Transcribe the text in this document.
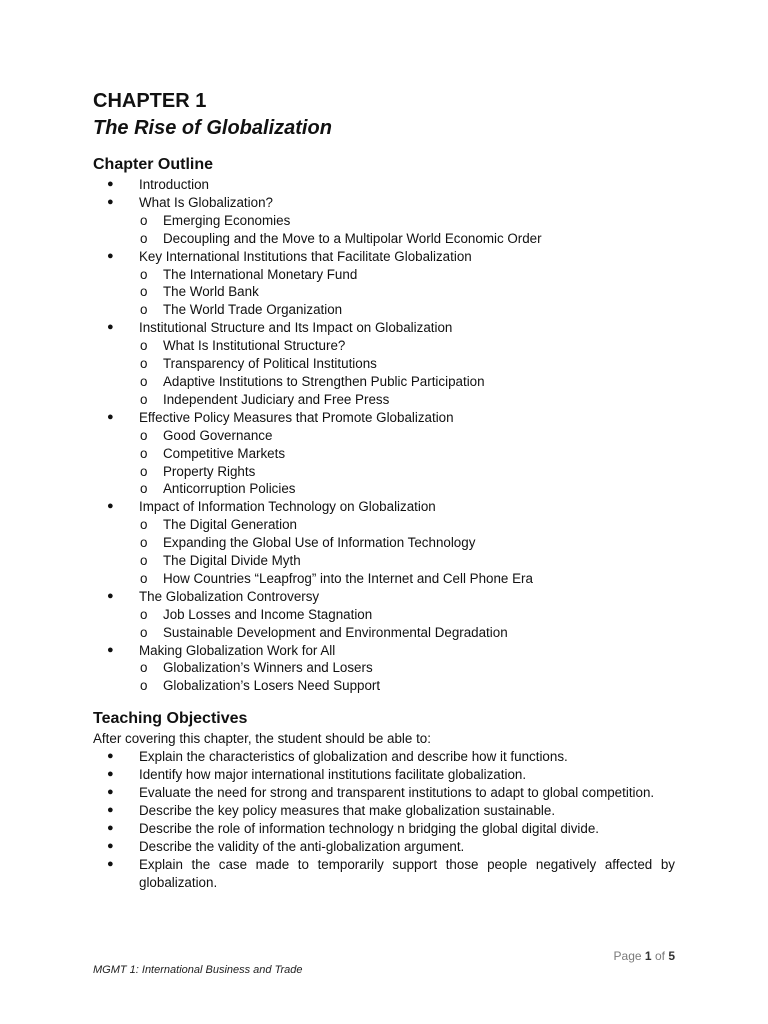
CHAPTER 1
The Rise of Globalization
Chapter Outline
● Introduction
● What Is Globalization?
o Emerging Economies
o Decoupling and the Move to a Multipolar World Economic Order
● Key International Institutions that Facilitate Globalization
o The International Monetary Fund
o The World Bank
o The World Trade Organization
● Institutional Structure and Its Impact on Globalization
o What Is Institutional Structure?
o Transparency of Political Institutions
o Adaptive Institutions to Strengthen Public Participation
o Independent Judiciary and Free Press
● Effective Policy Measures that Promote Globalization
o Good Governance
o Competitive Markets
o Property Rights
o Anticorruption Policies
● Impact of Information Technology on Globalization
o The Digital Generation
o Expanding the Global Use of Information Technology
o The Digital Divide Myth
o How Countries “Leapfrog” into the Internet and Cell Phone Era
● The Globalization Controversy
o Job Losses and Income Stagnation
o Sustainable Development and Environmental Degradation
● Making Globalization Work for All
o Globalization’s Winners and Losers
o Globalization’s Losers Need Support
Teaching Objectives

After covering this chapter, the student should be able to:

● Explain the characteristics of globalization and describe how it functions.
● Identify how major international institutions facilitate globalization.
● Evaluate the need for strong and transparent institutions to adapt to global competition.
● Describe the key policy measures that make globalization sustainable.
● Describe the role of information technology n bridging the global digital divide.
● Describe the validity of the anti-globalization argument.
● Explain the case made to temporarily support those people negatively affected by globalization.
Page 1 of 5
MGMT 1: International Business and Trade
